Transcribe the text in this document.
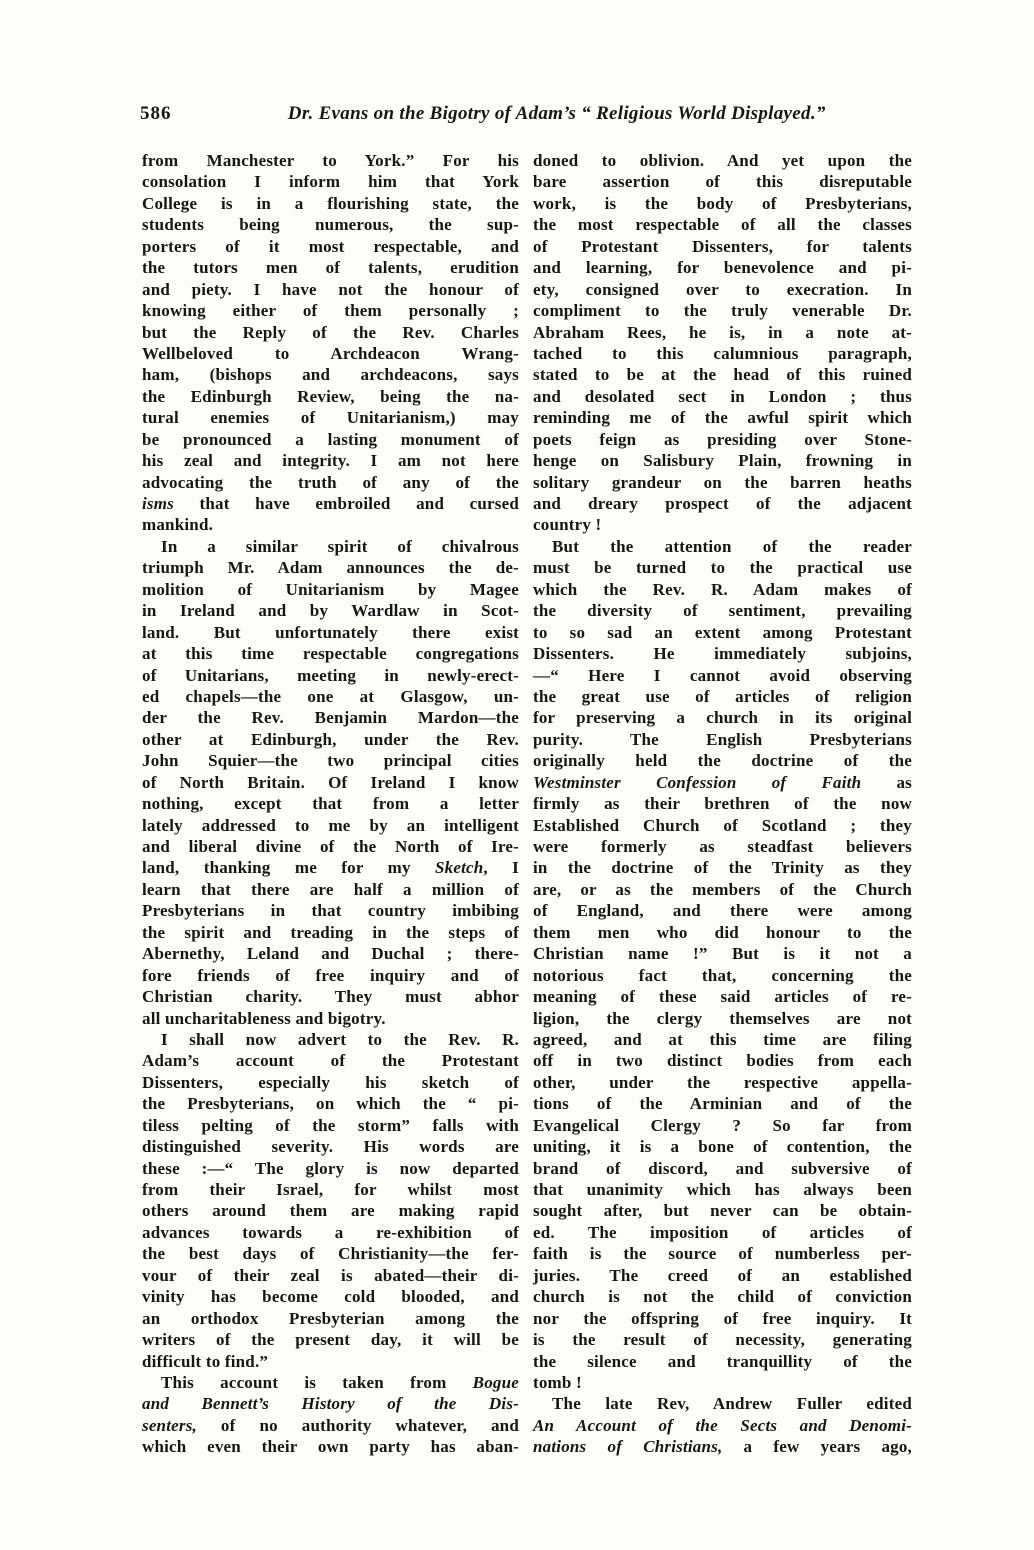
586	Dr. Evans on the Bigotry of Adam’s “ Religious World Displayed.”
from Manchester to York.” For his
consolation I inform him that York
College is in a flourishing state, the
students being numerous, the sup-
porters of it most respectable, and
the tutors men of talents, erudition
and piety. I have not the honour of
knowing either of them personally ;
but the Reply of the Rev. Charles
Wellbeloved to Archdeacon Wrang-
ham, (bishops and archdeacons, says
the Edinburgh Review, being the na-
tural enemies of Unitarianism,) may
be pronounced a lasting monument of
his zeal and integrity. I am not here
advocating the truth of any of the
isms that have embroiled and cursed
mankind.
In a similar spirit of chivalrous
triumph Mr. Adam announces the de-
molition of Unitarianism by Magee
in Ireland and by Wardlaw in Scot-
land. But unfortunately there exist
at this time respectable congregations
of Unitarians, meeting in newly-erect-
ed chapels—the one at Glasgow, un-
der the Rev. Benjamin Mardon—the
other at Edinburgh, under the Rev.
John Squier—the two principal cities
of North Britain. Of Ireland I know
nothing, except that from a letter
lately addressed to me by an intelligent
and liberal divine of the North of Ire-
land, thanking me for my Sketch, I
learn that there are half a million of
Presbyterians in that country imbibing
the spirit and treading in the steps of
Abernethy, Leland and Duchal ; there-
fore friends of free inquiry and of
Christian charity. They must abhor
all uncharitableness and bigotry.
I shall now advert to the Rev. R.
Adam’s account of the Protestant
Dissenters, especially his sketch of
the Presbyterians, on which the “ pi-
tiless pelting of the storm” falls with
distinguished severity. His words are
these :—“ The glory is now departed
from their Israel, for whilst most
others around them are making rapid
advances towards a re-exhibition of
the best days of Christianity—the fer-
vour of their zeal is abated—their di-
vinity has become cold blooded, and
an orthodox Presbyterian among the
writers of the present day, it will be
difficult to find.”
This account is taken from Bogue
and Bennett’s History of the Dis-
senters, of no authority whatever, and
which even their own party has aban-
doned to oblivion. And yet upon the
bare assertion of this disreputable
work, is the body of Presbyterians,
the most respectable of all the classes
of Protestant Dissenters, for talents
and learning, for benevolence and pi-
ety, consigned over to execration. In
compliment to the truly venerable Dr.
Abraham Rees, he is, in a note at-
tached to this calumnious paragraph,
stated to be at the head of this ruined
and desolated sect in London ; thus
reminding me of the awful spirit which
poets feign as presiding over Stone-
henge on Salisbury Plain, frowning in
solitary grandeur on the barren heaths
and dreary prospect of the adjacent
country !
But the attention of the reader
must be turned to the practical use
which the Rev. R. Adam makes of
the diversity of sentiment, prevailing
to so sad an extent among Protestant
Dissenters. He immediately subjoins,
—“ Here I cannot avoid observing
the great use of articles of religion
for preserving a church in its original
purity. The English Presbyterians
originally held the doctrine of the
Westminster Confession of Faith as
firmly as their brethren of the now
Established Church of Scotland ; they
were formerly as steadfast believers
in the doctrine of the Trinity as they
are, or as the members of the Church
of England, and there were among
them men who did honour to the
Christian name !” But is it not a
notorious fact that, concerning the
meaning of these said articles of re-
ligion, the clergy themselves are not
agreed, and at this time are filing
off in two distinct bodies from each
other, under the respective appella-
tions of the Arminian and of the
Evangelical Clergy ? So far from
uniting, it is a bone of contention, the
brand of discord, and subversive of
that unanimity which has always been
sought after, but never can be obtain-
ed. The imposition of articles of
faith is the source of numberless per-
juries. The creed of an established
church is not the child of conviction
nor the offspring of free inquiry. It
is the result of necessity, generating
the silence and tranquillity of the
tomb !
The late Rev, Andrew Fuller edited
An Account of the Sects and Denomi-
nations of Christians, a few years ago,
